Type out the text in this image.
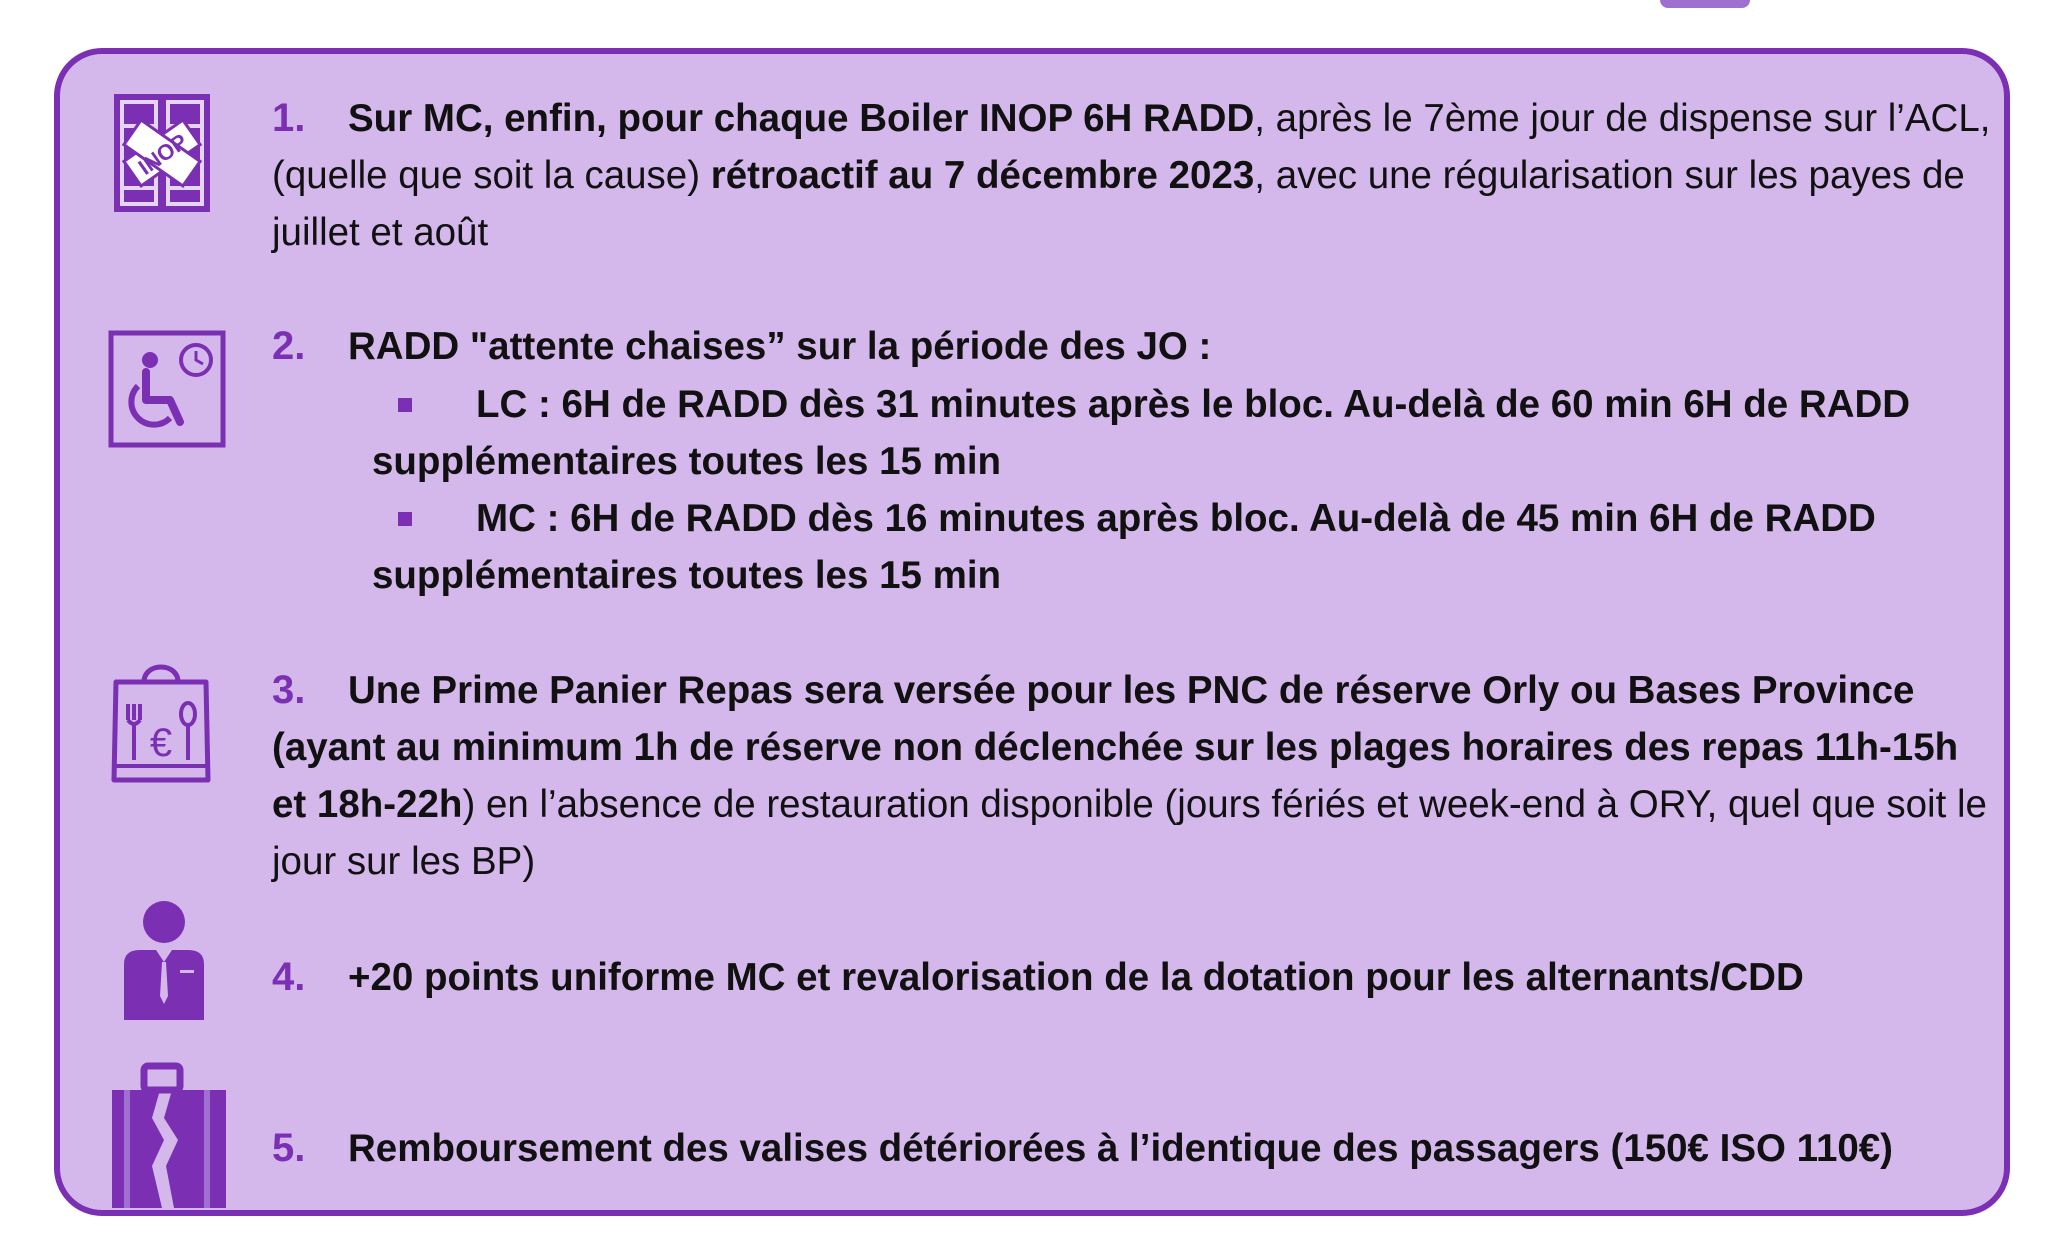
INOP
€
1. Sur MC, enfin, pour chaque Boiler INOP 6H RADD, après le 7ème jour de dispense sur l’ACL, (quelle que soit la cause) rétroactif au 7 décembre 2023, avec une régularisation sur les payes de juillet et août
2. RADD "attente chaises” sur la période des JO :
LC : 6H de RADD dès 31 minutes après le bloc. Au-delà de 60 min 6H de RADD
supplémentaires toutes les 15 min
MC : 6H de RADD dès 16 minutes après bloc. Au-delà de 45 min 6H de RADD
supplémentaires toutes les 15 min
3. Une Prime Panier Repas sera versée pour les PNC de réserve Orly ou Bases Province (ayant au minimum 1h de réserve non déclenchée sur les plages horaires des repas 11h-15h et 18h-22h) en l’absence de restauration disponible (jours fériés et week-end à ORY, quel que soit le jour sur les BP)
4. +20 points uniforme MC et revalorisation de la dotation pour les alternants/CDD
5. Remboursement des valises détériorées à l’identique des passagers (150€ ISO 110€)
